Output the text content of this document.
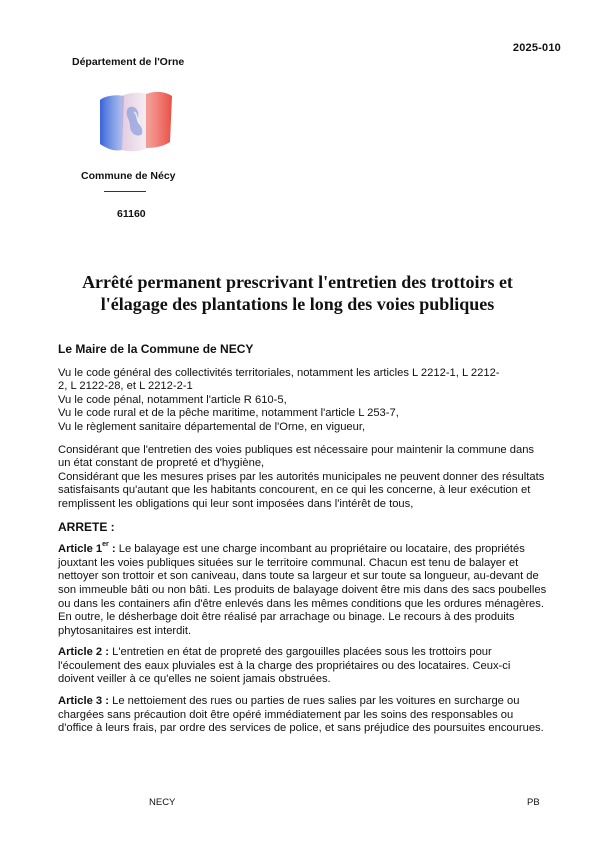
2025-010
Département de l'Orne
Commune de Nécy
61160
Arrêté permanent prescrivant l'entretien des trottoirs et
l'élagage des plantations le long des voies publiques

Le Maire de la Commune de NECY

Vu le code général des collectivités territoriales, notamment les articles L 2212-1, L 2212-

2, L 2122-28, et L 2212-2-1

Vu le code pénal, notamment l'article R 610-5,

Vu le code rural et de la pêche maritime, notamment l'article L 253-7,

Vu le règlement sanitaire départemental de l'Orne, en vigueur,

Considérant que l'entretien des voies publiques est nécessaire pour maintenir la commune dans un état constant de propreté et d'hygiène,

Considérant que les mesures prises par les autorités municipales ne peuvent donner des résultats satisfaisants qu'autant que les habitants concourent, en ce qui les concerne, à leur exécution et remplissent les obligations qui leur sont imposées dans l'intérêt de tous,

ARRETE :

Article 1er : Le balayage est une charge incombant au propriétaire ou locataire, des propriétés jouxtant les voies publiques situées sur le territoire communal. Chacun est tenu de balayer et nettoyer son trottoir et son caniveau, dans toute sa largeur et sur toute sa longueur, au-devant de son immeuble bâti ou non bâti. Les produits de balayage doivent être mis dans des sacs poubelles ou dans les containers afin d'être enlevés dans les mêmes conditions que les ordures ménagères. En outre, le désherbage doit être réalisé par arrachage ou binage. Le recours à des produits phytosanitaires est interdit.

Article 2 : L'entretien en état de propreté des gargouilles placées sous les trottoirs pour l'écoulement des eaux pluviales est à la charge des propriétaires ou des locataires. Ceux-ci doivent veiller à ce qu'elles ne soient jamais obstruées.

Article 3 : Le nettoiement des rues ou parties de rues salies par les voitures en surcharge ou chargées sans précaution doit être opéré immédiatement par les soins des responsables ou d'office à leurs frais, par ordre des services de police, et sans préjudice des poursuites encourues.

NECY	PB
